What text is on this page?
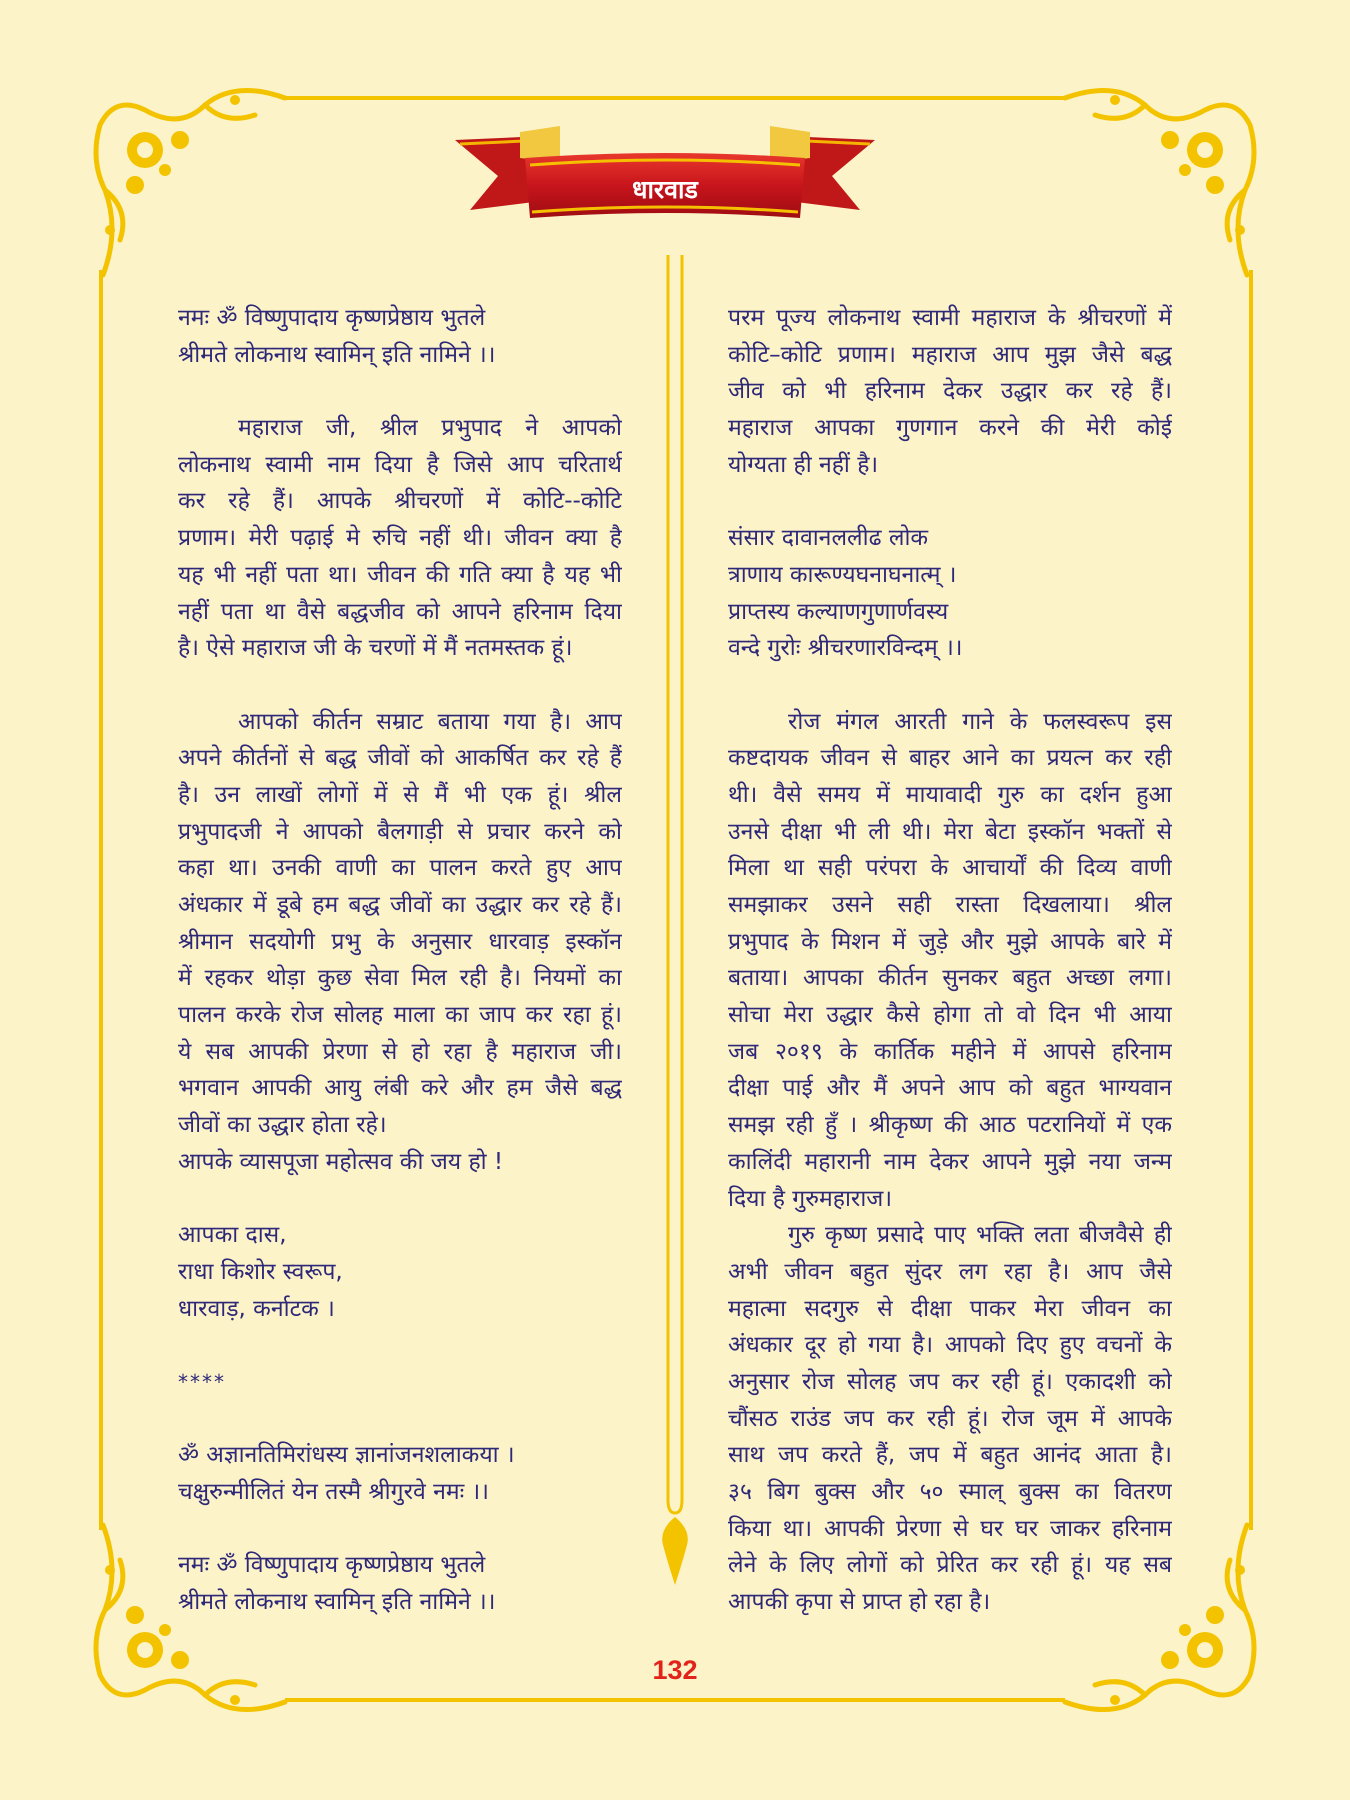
धारवाड
नमः ॐ विष्णुपादाय कृष्णप्रेष्ठाय भुतले
श्रीमते लोकनाथ स्वामिन् इति नामिने ।।
महाराज जी, श्रील प्रभुपाद ने आपको
लोकनाथ स्वामी नाम दिया है जिसे आप चरितार्थ
कर रहे हैं। आपके श्रीचरणों में कोटि--कोटि
प्रणाम। मेरी पढ़ाई मे रुचि नहीं थी। जीवन क्या है
यह भी नहीं पता था। जीवन की गति क्या है यह भी
नहीं पता था वैसे बद्धजीव को आपने हरिनाम दिया
है। ऐसे महाराज जी के चरणों में मैं नतमस्तक हूं।
आपको कीर्तन सम्राट बताया गया है। आप
अपने कीर्तनों से बद्ध जीवों को आकर्षित कर रहे हैं
है। उन लाखों लोगों में से मैं भी एक हूं। श्रील
प्रभुपादजी ने आपको बैलगाड़ी से प्रचार करने को
कहा था। उनकी वाणी का पालन करते हुए आप
अंधकार में डूबे हम बद्ध जीवों का उद्धार कर रहे हैं।
श्रीमान सदयोगी प्रभु के अनुसार धारवाड़ इस्कॉन
में रहकर थोड़ा कुछ सेवा मिल रही है। नियमों का
पालन करके रोज सोलह माला का जाप कर रहा हूं।
ये सब आपकी प्रेरणा से हो रहा है महाराज जी।
भगवान आपकी आयु लंबी करे और हम जैसे बद्ध
जीवों का उद्धार होता रहे।
आपके व्यासपूजा महोत्सव की जय हो !
आपका दास,
राधा किशोर स्वरूप,
धारवाड़, कर्नाटक ।
****
ॐ अज्ञानतिमिरांधस्य ज्ञानांजनशलाकया ।
चक्षुरुन्मीलितं येन तस्मै श्रीगुरवे नमः ।।
नमः ॐ विष्णुपादाय कृष्णप्रेष्ठाय भुतले
श्रीमते लोकनाथ स्वामिन् इति नामिने ।।
परम पूज्य लोकनाथ स्वामी महाराज के श्रीचरणों में
कोटि–कोटि प्रणाम। महाराज आप मुझ जैसे बद्ध
जीव को भी हरिनाम देकर उद्धार कर रहे हैं।
महाराज आपका गुणगान करने की मेरी कोई
योग्यता ही नहीं है।
संसार दावानललीढ लोक
त्राणाय कारूण्यघनाघनात्म् ।
प्राप्तस्य कल्याणगुणार्णवस्य
वन्दे गुरोः श्रीचरणारविन्दम् ।।
रोज मंगल आरती गाने के फलस्वरूप इस
कष्टदायक जीवन से बाहर आने का प्रयत्न कर रही
थी। वैसे समय में मायावादी गुरु का दर्शन हुआ
उनसे दीक्षा भी ली थी। मेरा बेटा इस्कॉन भक्तों से
मिला था सही परंपरा के आचार्यों की दिव्य वाणी
समझाकर उसने सही रास्ता दिखलाया। श्रील
प्रभुपाद के मिशन में जुड़े और मुझे आपके बारे में
बताया। आपका कीर्तन सुनकर बहुत अच्छा लगा।
सोचा मेरा उद्धार कैसे होगा तो वो दिन भी आया
जब २०१९ के कार्तिक महीने में आपसे हरिनाम
दीक्षा पाई और मैं अपने आप को बहुत भाग्यवान
समझ रही हुँ । श्रीकृष्ण की आठ पटरानियों में एक
कालिंदी महारानी नाम देकर आपने मुझे नया जन्म
दिया है गुरुमहाराज।
गुरु कृष्ण प्रसादे पाए भक्ति लता बीजवैसे ही
अभी जीवन बहुत सुंदर लग रहा है। आप जैसे
महात्मा सदगुरु से दीक्षा पाकर मेरा जीवन का
अंधकार दूर हो गया है। आपको दिए हुए वचनों के
अनुसार रोज सोलह जप कर रही हूं। एकादशी को
चौंसठ राउंड जप कर रही हूं। रोज जूम में आपके
साथ जप करते हैं, जप में बहुत आनंद आता है।
३५ बिग बुक्स और ५० स्माल् बुक्स का वितरण
किया था। आपकी प्रेरणा से घर घर जाकर हरिनाम
लेने के लिए लोगों को प्रेरित कर रही हूं। यह सब
आपकी कृपा से प्राप्त हो रहा है।
132
